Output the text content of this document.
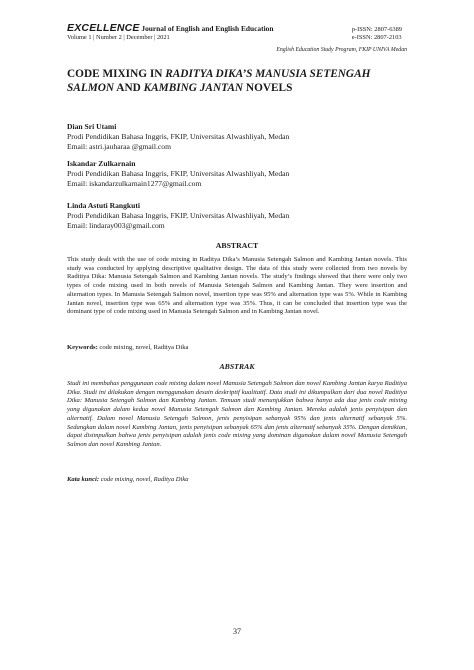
EXCELLENCE Journal of English and English Education
Volume 1 | Number 2 | December | 2021
p-ISSN: 2807-6389
e-ISSN: 2807-2103
English Education Study Program, FKIP UNIVA Medan
CODE MIXING IN RADITYA DIKA’S MANUSIA SETENGAH SALMON AND KAMBING JANTAN NOVELS
Dian Sri Utami
Prodi Pendidikan Bahasa Inggris, FKIP, Universitas Alwashliyah, Medan
Email: astri.jauharaa @gmail.com
Iskandar Zulkarnain
Prodi Pendidikan Bahasa Inggris, FKIP, Universitas Alwashliyah, Medan
Email: iskandarzulkarnain1277@gmail.com
Linda Astuti Rangkuti
Prodi Pendidikan Bahasa Inggris, FKIP, Universitas Alwashliyah, Medan
Email: lindaray003@gmail.com
ABSTRACT
This study dealt with the use of code mixing in Raditya Dika’s Manusia Setengah Salmon and Kambing Jantan novels. This study was conducted by applying descriptive qualitative design. The data of this study were collected from two novels by Raditiya Dika: Manusia Setengah Salmon and Kambing Jantan novels. The study’s findings showed that there were only two types of code mixing used in both novels of Manusia Setengah Salmon and Kambing Jantan. They were insertion and alternation types. In Manusia Setengah Salmon novel, insertion type was 95% and alternation type was 5%. While in Kambing Jantan novel, insertion type was 65% and alternation type was 35%. Thus, it can be concluded that insertion type was the dominant type of code mixing used in Manusia Setengah Salmon and in Kambing Jantan novel.
Keywords: code mixing, novel, Raditya Dika
ABSTRAK
Studi ini membahas penggunaan code mixing dalam novel Manusia Setengah Salmon dan novel Kambing Jantan karya Raditiya Dika. Studi ini dilakukan dengan menggunakan desain deskriptif kualitatif. Data studi ini dikumpulkan dari dua novel Raditiya Dika: Manusia Setengah Salmon dan Kambing Jantan. Temuan studi menunjukkan bahwa hanya ada dua jenis code mixing yang digunakan dalam kedua novel Manusia Setengah Salmon dan Kambing Jantan. Mereka adalah jenis penyisipan dan alternatif. Dalam novel Manusia Setengah Salmon, jenis penyisipan sebanyak 95% dan jenis alternatif sebanyak 5%. Sedangkan dalam novel Kambing Jantan, jenis penyisipan sebanyak 65% dan jenis alternatif sebanyak 35%. Dengan demikian, dapat disimpulkan bahwa jenis penyisipan adalah jenis code mixing yang dominan digunakan dalam novel Manusia Setengah Salmon dan novel Kambing Jantan.
Kata kunci: code mixing, novel, Raditya Dika
37
